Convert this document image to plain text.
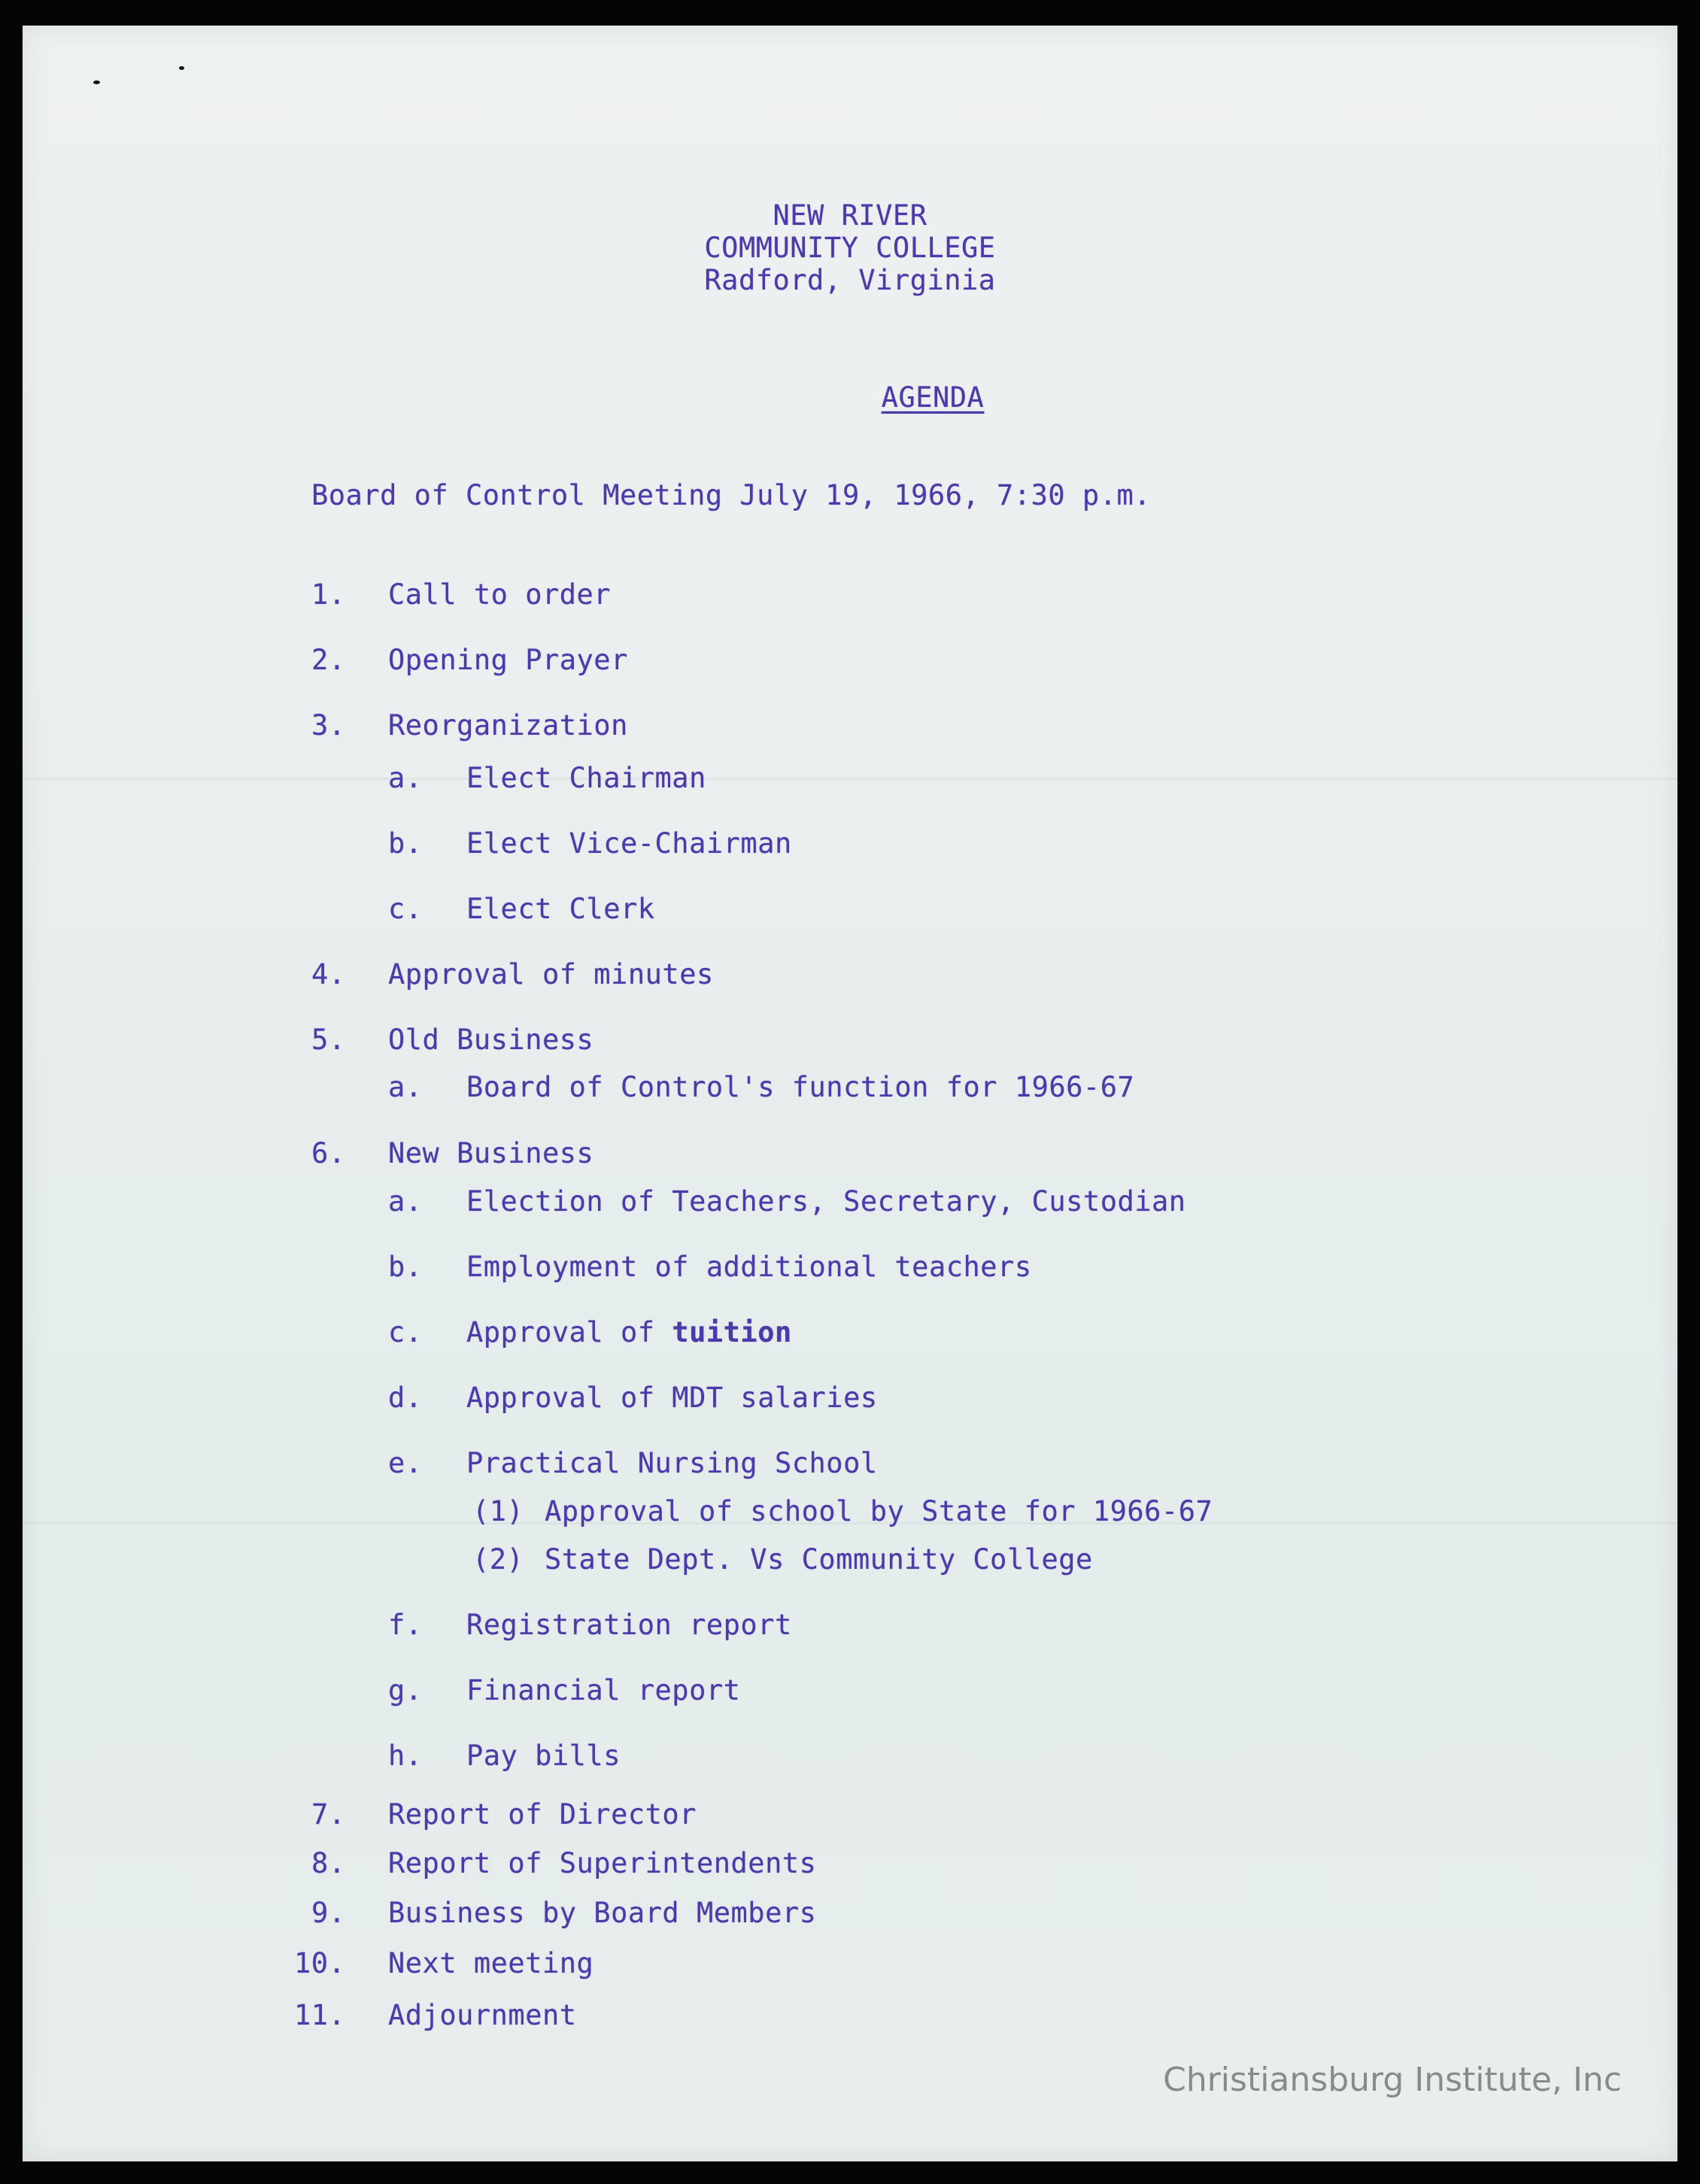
NEW RIVER
COMMUNITY COLLEGE
Radford, Virginia
AGENDA
Board of Control Meeting July 19, 1966, 7:30 p.m.
1. Call to order
2. Opening Prayer
3. Reorganization
a. Elect Chairman
b. Elect Vice-Chairman
c. Elect Clerk
4. Approval of minutes
5. Old Business
a. Board of Control's function for 1966-67
6. New Business
a. Election of Teachers, Secretary, Custodian
b. Employment of additional teachers
c. Approval of tuition
d. Approval of MDT salaries
e. Practical Nursing School
(1) Approval of school by State for 1966-67
(2) State Dept. Vs Community College
f. Registration report
g. Financial report
h. Pay bills
7. Report of Director
8. Report of Superintendents
9. Business by Board Members
10. Next meeting
11. Adjournment
Christiansburg Institute, Inc
